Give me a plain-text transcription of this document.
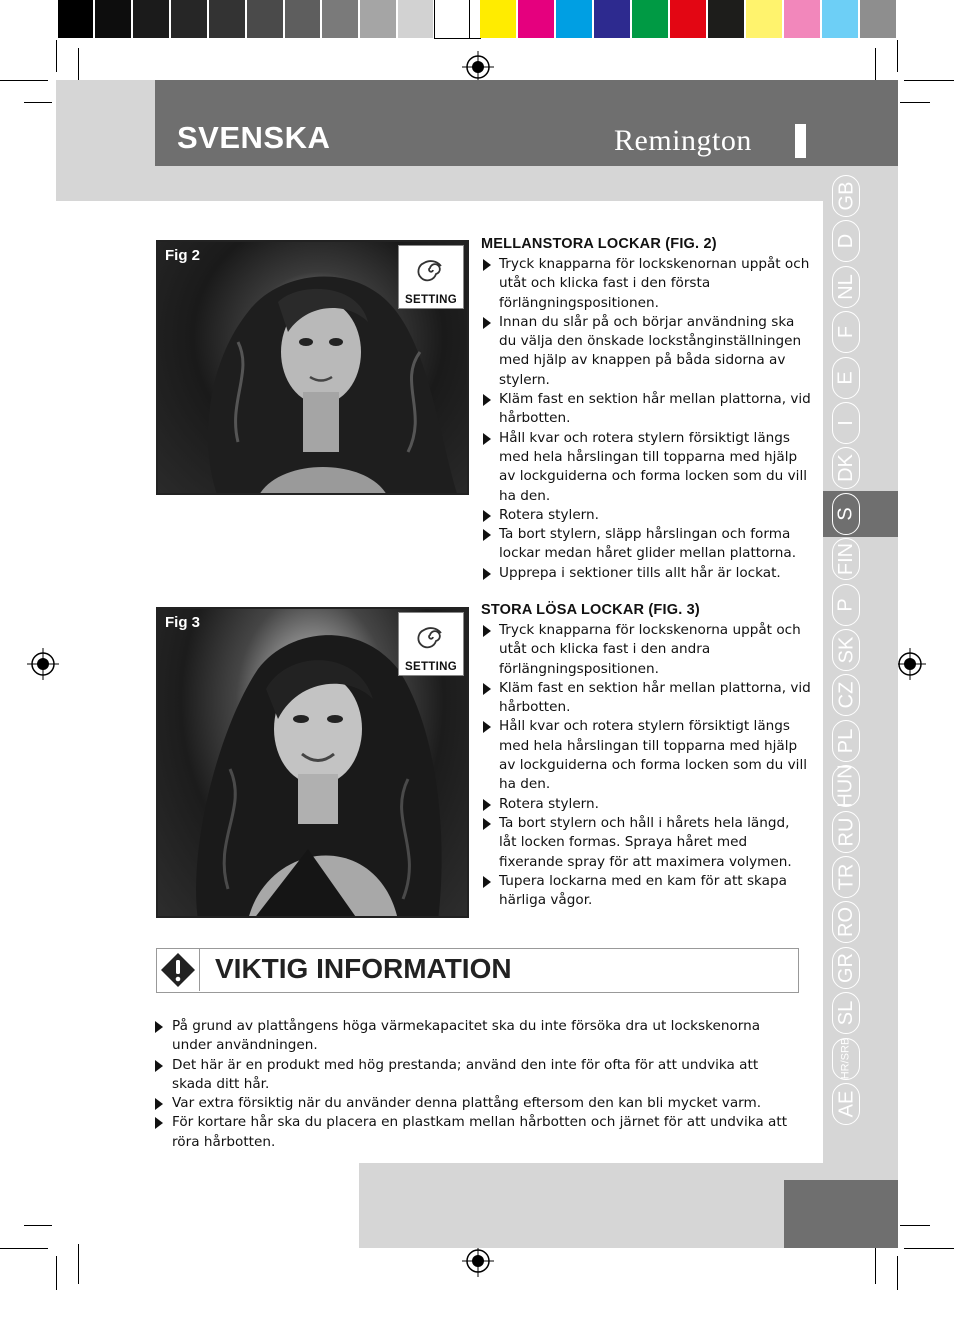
SVENSKA	Remington
GB
D
NL
F
E
I
DK
S
FIN
P
SK
CZ
PL
HUN
RU
TR
RO
GR
SL
HR/SRB
AE
Fig 2
SETTING
Fig 3
SETTING
MELLANSTORA LOCKAR (FIG. 2)
Tryck knapparna för lockskenornan uppåt och utåt och klicka fast i den första förlängningspositionen.
Innan du slår på och börjar användning ska du välja den önskade lockstånginställningen med hjälp av knappen på båda sidorna av stylern.
Kläm fast en sektion hår mellan plattorna, vid hårbotten.
Håll kvar och rotera stylern försiktigt längs med hela hårslingan till topparna med hjälp av lockguiderna och forma locken som du vill ha den.
Rotera stylern.
Ta bort stylern, släpp hårslingan och forma lockar medan håret glider mellan plattorna.
Upprepa i sektioner tills allt hår är lockat.
STORA LÖSA LOCKAR (FIG. 3)
Tryck knapparna för lockskenorna uppåt och utåt och klicka fast i den andra förlängningspositionen.
Kläm fast en sektion hår mellan plattorna, vid hårbotten.
Håll kvar och rotera stylern försiktigt längs med hela hårslingan till topparna med hjälp av lockguiderna och forma locken som du vill ha den.
Rotera stylern.
Ta bort stylern och håll i hårets hela längd, låt locken formas. Spraya håret med fixerande spray för att maximera volymen.
Tupera lockarna med en kam för att skapa härliga vågor.
VIKTIG INFORMATION
På grund av plattångens höga värmekapacitet ska du inte försöka dra ut lockskenorna under användningen.
Det här är en produkt med hög prestanda; använd den inte för ofta för att undvika att skada ditt hår.
Var extra försiktig när du använder denna plattång eftersom den kan bli mycket varm.
För kortare hår ska du placera en plastkam mellan hårbotten och järnet för att undvika att röra hårbotten.
